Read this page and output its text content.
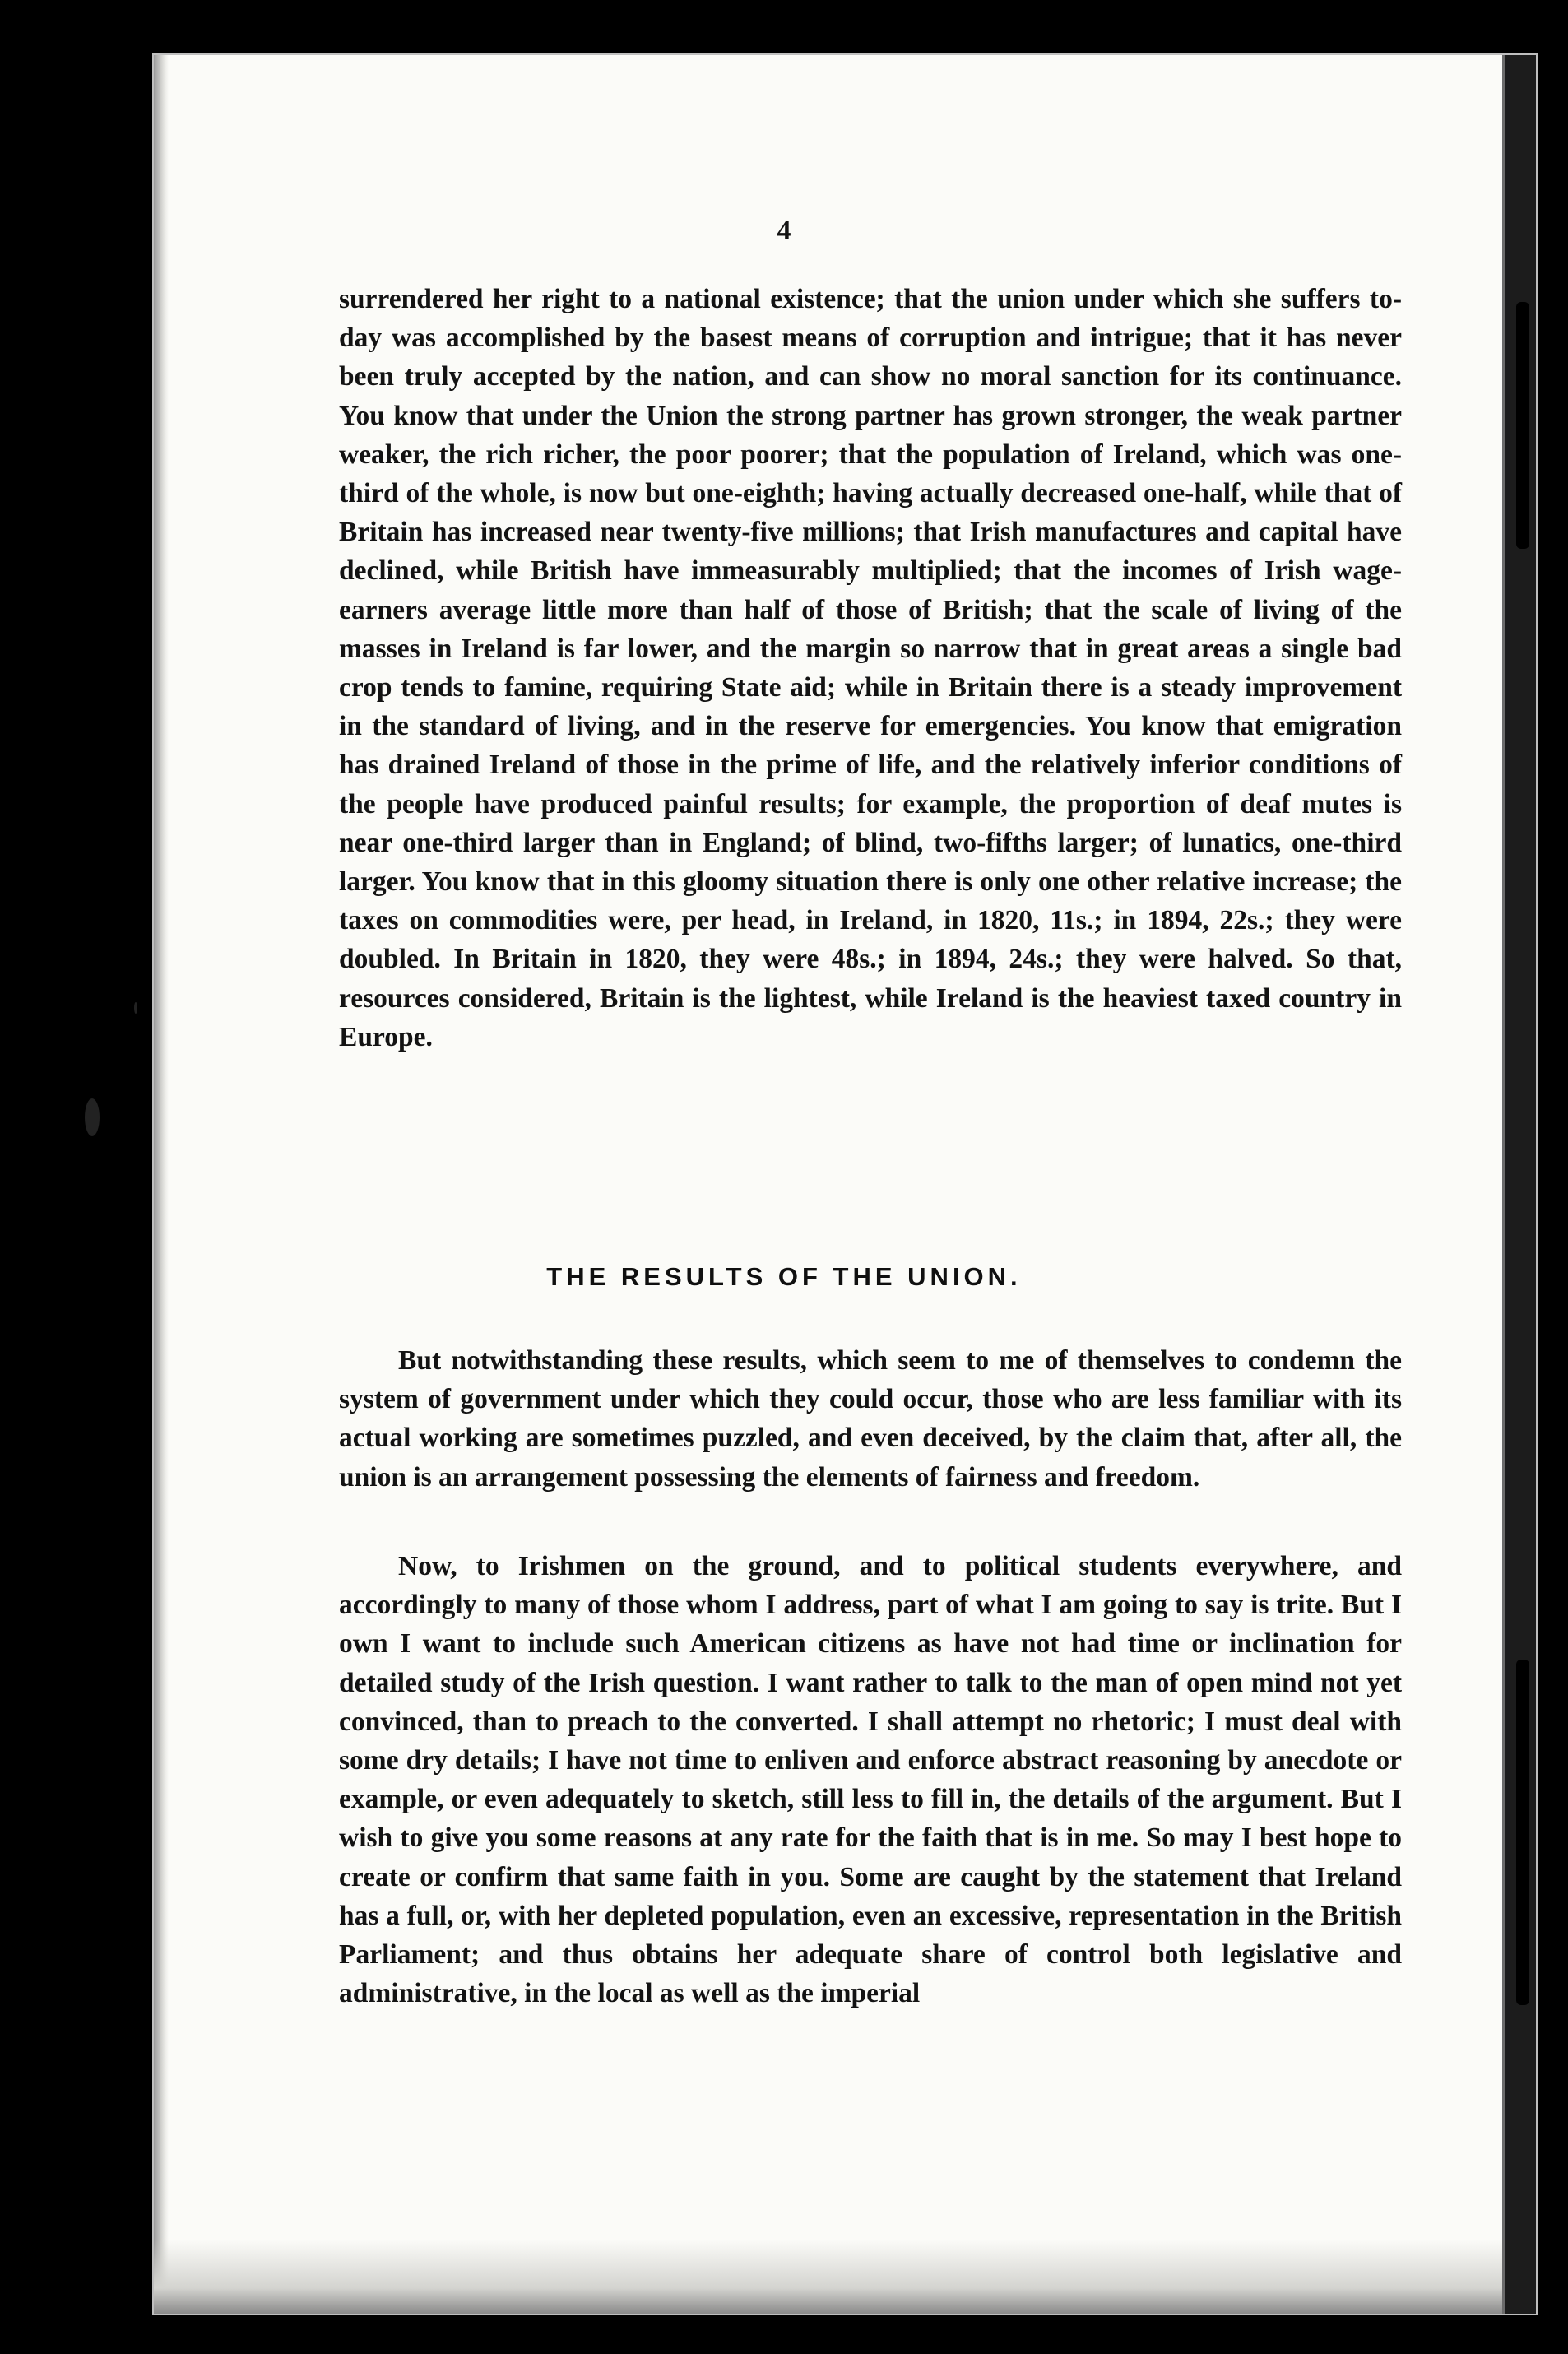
4

surrendered her right to a national existence; that the union under which she suffers to-day was accomplished by the basest means of corruption and intrigue; that it has never been truly accepted by the nation, and can show no moral sanction for its continuance. You know that under the Union the strong partner has grown stronger, the weak partner weaker, the rich richer, the poor poorer; that the population of Ireland, which was one-third of the whole, is now but one-eighth; having actually decreased one-half, while that of Britain has increased near twenty-five millions; that Irish manufactures and capital have declined, while British have immeasurably multiplied; that the incomes of Irish wage-earners average little more than half of those of British; that the scale of living of the masses in Ireland is far lower, and the margin so narrow that in great areas a single bad crop tends to famine, requiring State aid; while in Britain there is a steady improvement in the standard of living, and in the reserve for emergencies. You know that emigration has drained Ireland of those in the prime of life, and the relatively inferior conditions of the people have produced painful results; for example, the proportion of deaf mutes is near one-third larger than in England; of blind, two-fifths larger; of lunatics, one-third larger. You know that in this gloomy situation there is only one other relative increase; the taxes on commodities were, per head, in Ireland, in 1820, 11s.; in 1894, 22s.; they were doubled. In Britain in 1820, they were 48s.; in 1894, 24s.; they were halved. So that, resources considered, Britain is the lightest, while Ireland is the heaviest taxed country in Europe.

THE RESULTS OF THE UNION.

But notwithstanding these results, which seem to me of themselves to condemn the system of government under which they could occur, those who are less familiar with its actual working are sometimes puzzled, and even deceived, by the claim that, after all, the union is an arrangement possessing the elements of fairness and freedom.

Now, to Irishmen on the ground, and to political students everywhere, and accordingly to many of those whom I address, part of what I am going to say is trite. But I own I want to include such American citizens as have not had time or inclination for detailed study of the Irish question. I want rather to talk to the man of open mind not yet convinced, than to preach to the converted. I shall attempt no rhetoric; I must deal with some dry details; I have not time to enliven and enforce abstract reasoning by anecdote or example, or even adequately to sketch, still less to fill in, the details of the argument. But I wish to give you some reasons at any rate for the faith that is in me. So may I best hope to create or confirm that same faith in you. Some are caught by the statement that Ireland has a full, or, with her depleted population, even an excessive, representation in the British Parliament; and thus obtains her adequate share of control both legislative and administrative, in the local as well as the imperial
